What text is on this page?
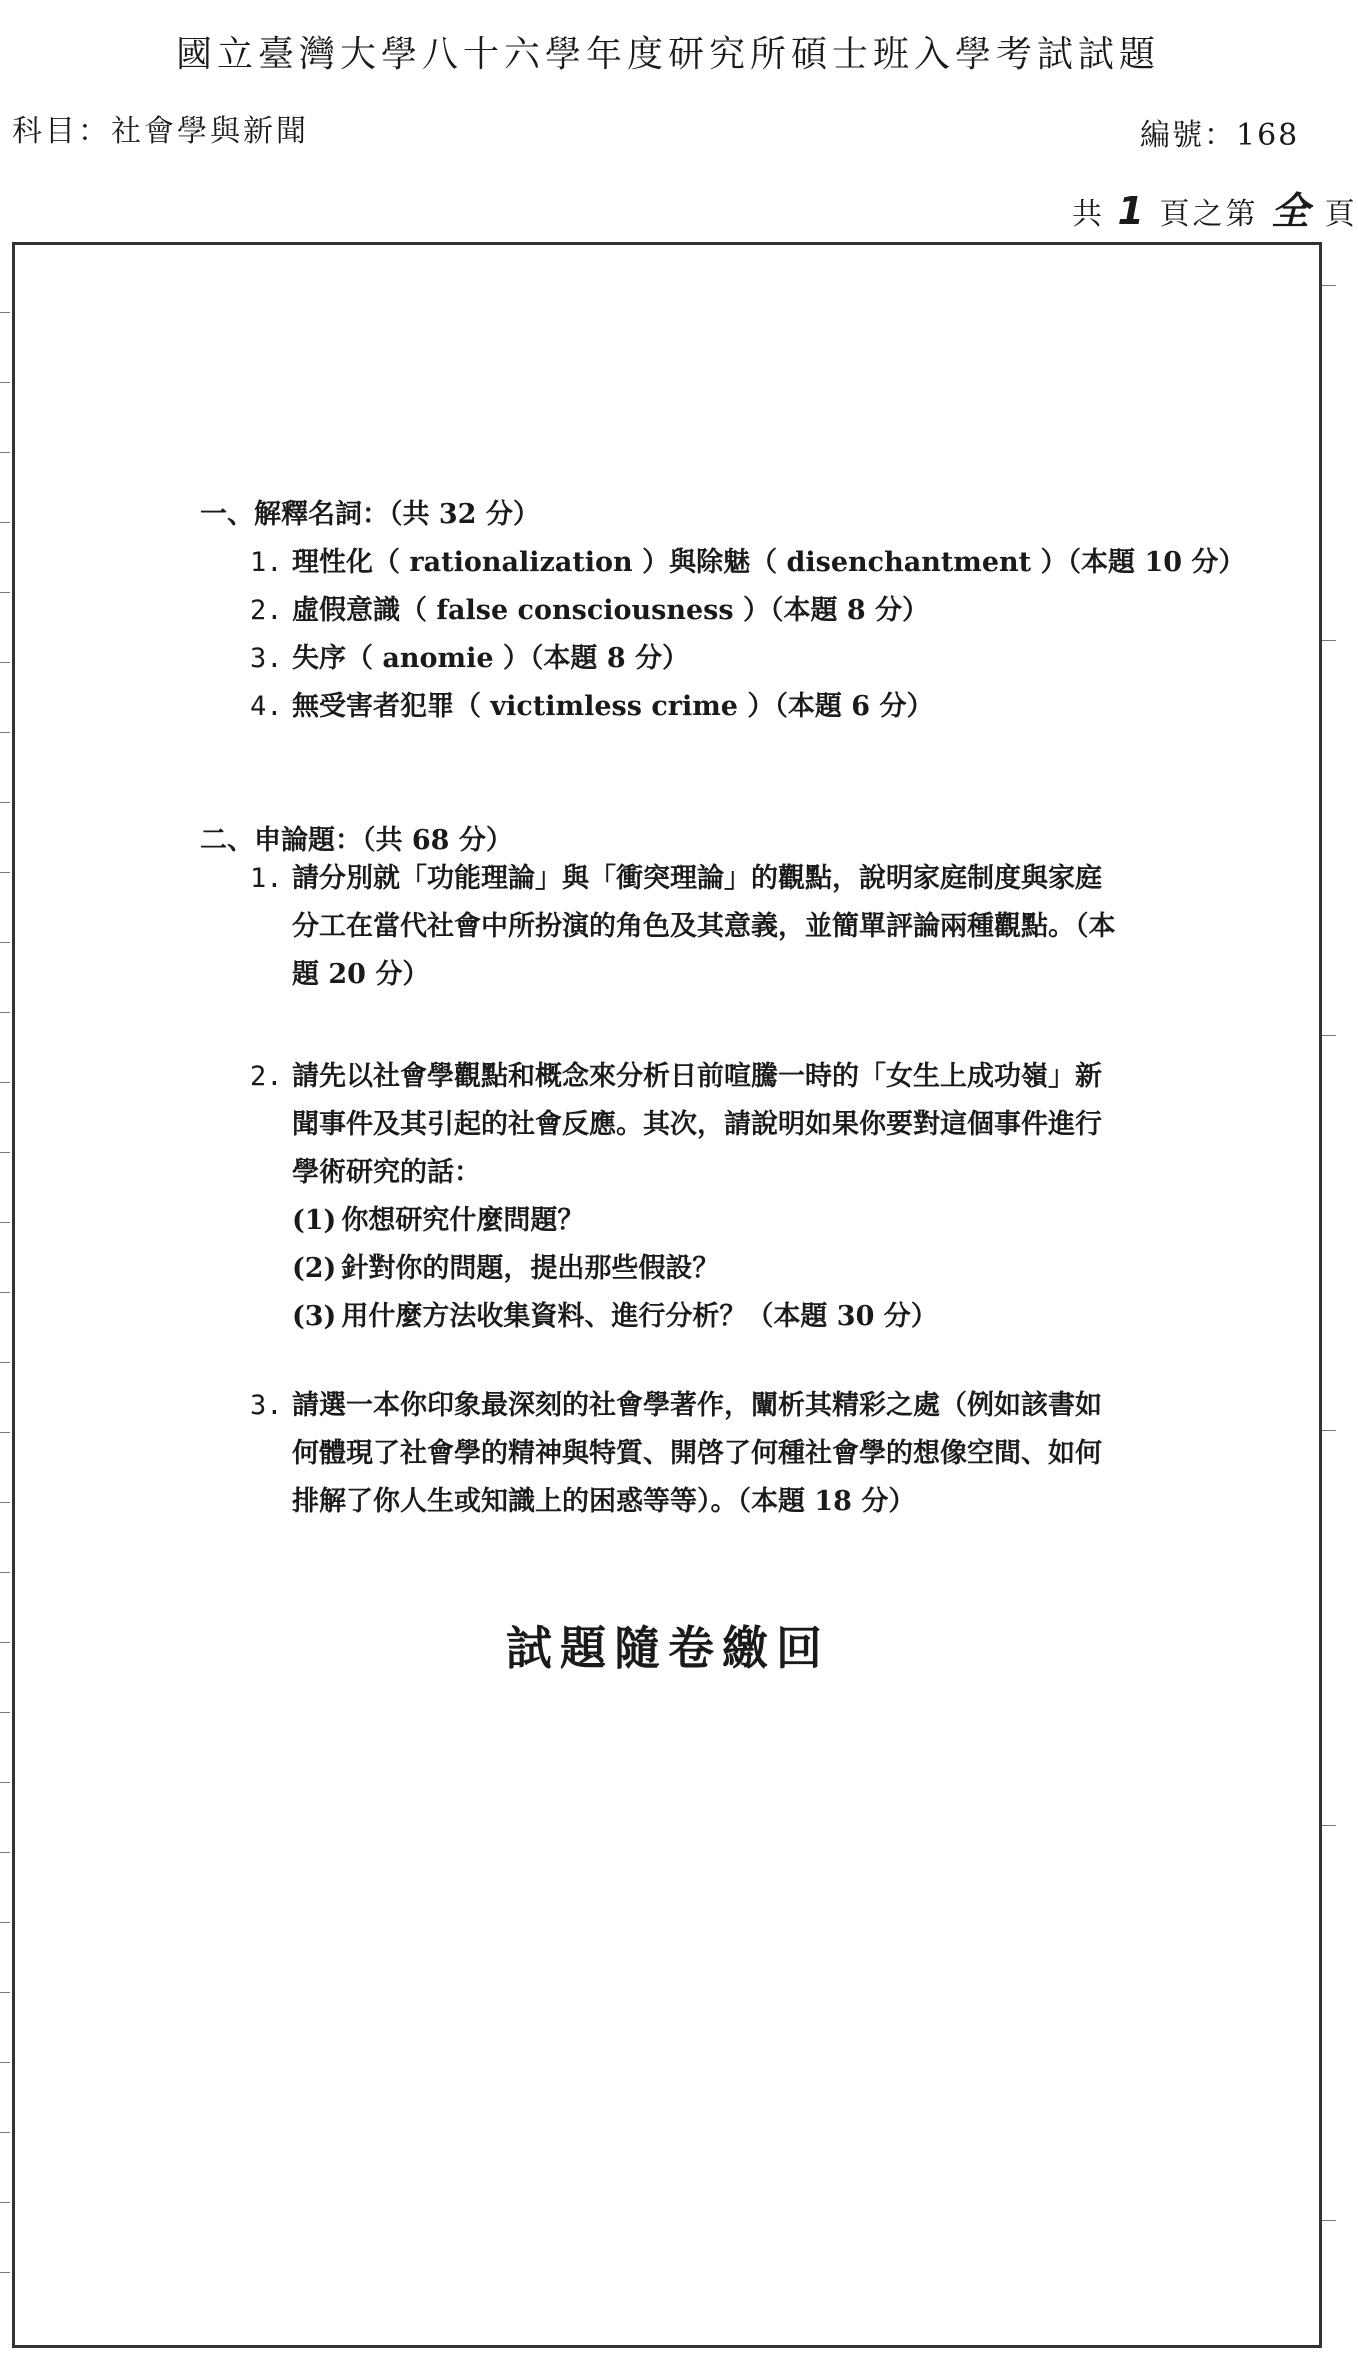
國立臺灣大學八十六學年度研究所碩士班入學考試試題
科目：社會學與新聞	編號：168
共 1 頁之第 全 頁
一、解釋名詞：（共 32 分）
1. 理性化（ rationalization ）與除魅（ disenchantment ）（本題 10 分）
2. 虛假意識（ false consciousness ）（本題 8 分）
3. 失序（ anomie ）（本題 8 分）
4. 無受害者犯罪（ victimless crime ）（本題 6 分）
二、申論題：（共 68 分）
1. 請分別就「功能理論」與「衝突理論」的觀點，說明家庭制度與家庭
分工在當代社會中所扮演的角色及其意義，並簡單評論兩種觀點。（本
題 20 分）
2. 請先以社會學觀點和概念來分析日前喧騰一時的「女生上成功嶺」新
聞事件及其引起的社會反應。其次，請說明如果你要對這個事件進行
學術研究的話：
(1) 你想研究什麼問題？
(2) 針對你的問題，提出那些假設？
(3) 用什麼方法收集資料、進行分析？（本題 30 分）
3. 請選一本你印象最深刻的社會學著作，闡析其精彩之處（例如該書如
何體現了社會學的精神與特質、開啓了何種社會學的想像空間、如何
排解了你人生或知識上的困惑等等）。（本題 18 分）
試題隨卷繳回
